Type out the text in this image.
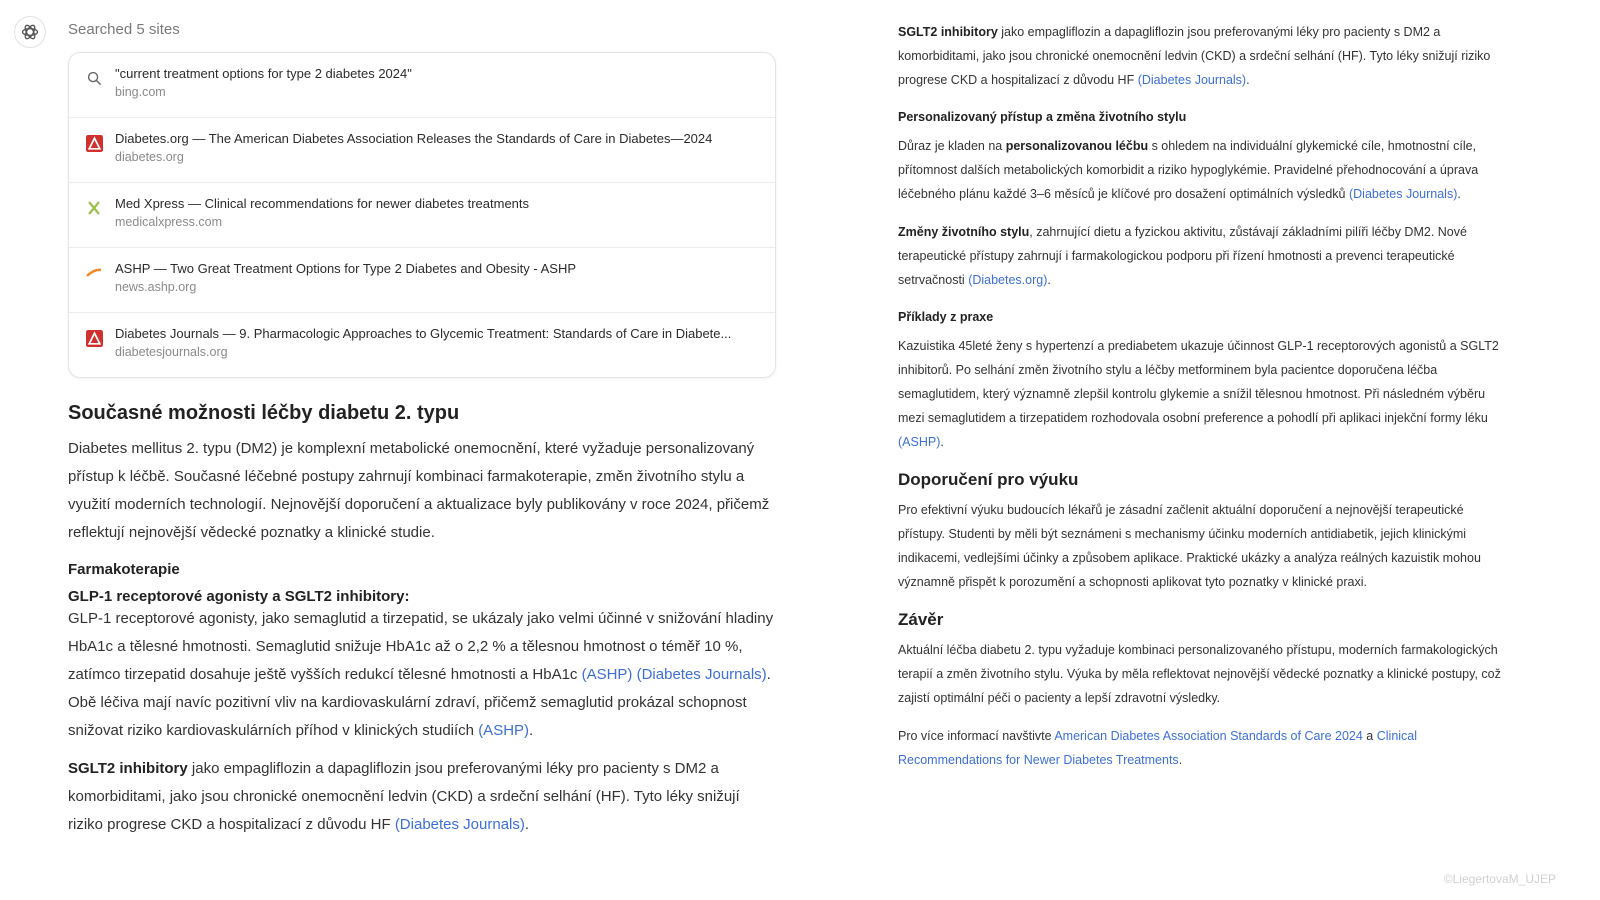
Searched 5 sites
"current treatment options for type 2 diabetes 2024"
bing.com
Diabetes.org — The American Diabetes Association Releases the Standards of Care in Diabetes—2024
diabetes.org
Med Xpress — Clinical recommendations for newer diabetes treatments
medicalxpress.com
ASHP — Two Great Treatment Options for Type 2 Diabetes and Obesity - ASHP
news.ashp.org
Diabetes Journals — 9. Pharmacologic Approaches to Glycemic Treatment: Standards of Care in Diabete...
diabetesjournals.org
Současné možnosti léčby diabetu 2. typu

Diabetes mellitus 2. typu (DM2) je komplexní metabolické onemocnění, které vyžaduje personalizovaný přístup k léčbě. Současné léčebné postupy zahrnují kombinaci farmakoterapie, změn životního stylu a využití moderních technologií. Nejnovější doporučení a aktualizace byly publikovány v roce 2024, přičemž reflektují nejnovější vědecké poznatky a klinické studie.

Farmakoterapie
GLP-1 receptorové agonisty a SGLT2 inhibitory:

GLP-1 receptorové agonisty, jako semaglutid a tirzepatid, se ukázaly jako velmi účinné v snižování hladiny HbA1c a tělesné hmotnosti. Semaglutid snižuje HbA1c až o 2,2 % a tělesnou hmotnost o téměř 10 %, zatímco tirzepatid dosahuje ještě vyšších redukcí tělesné hmotnosti a HbA1c (ASHP) (Diabetes Journals). Obě léčiva mají navíc pozitivní vliv na kardiovaskulární zdraví, přičemž semaglutid prokázal schopnost snižovat riziko kardiovaskulárních příhod v klinických studiích (ASHP).

SGLT2 inhibitory jako empagliflozin a dapagliflozin jsou preferovanými léky pro pacienty s DM2 a komorbiditami, jako jsou chronické onemocnění ledvin (CKD) a srdeční selhání (HF). Tyto léky snižují riziko progrese CKD a hospitalizací z důvodu HF (Diabetes Journals).

SGLT2 inhibitory jako empagliflozin a dapagliflozin jsou preferovanými léky pro pacienty s DM2 a komorbiditami, jako jsou chronické onemocnění ledvin (CKD) a srdeční selhání (HF). Tyto léky snižují riziko progrese CKD a hospitalizací z důvodu HF (Diabetes Journals).

Personalizovaný přístup a změna životního stylu

Důraz je kladen na personalizovanou léčbu s ohledem na individuální glykemické cíle, hmotnostní cíle, přítomnost dalších metabolických komorbidit a riziko hypoglykémie. Pravidelné přehodnocování a úprava léčebného plánu každé 3–6 měsíců je klíčové pro dosažení optimálních výsledků (Diabetes Journals).

Změny životního stylu, zahrnující dietu a fyzickou aktivitu, zůstávají základními pilíři léčby DM2. Nové terapeutické přístupy zahrnují i farmakologickou podporu při řízení hmotnosti a prevenci terapeutické setrvačnosti (Diabetes.org).

Příklady z praxe

Kazuistika 45leté ženy s hypertenzí a prediabetem ukazuje účinnost GLP-1 receptorových agonistů a SGLT2 inhibitorů. Po selhání změn životního stylu a léčby metforminem byla pacientce doporučena léčba semaglutidem, který významně zlepšil kontrolu glykemie a snížil tělesnou hmotnost. Při následném výběru mezi semaglutidem a tirzepatidem rozhodovala osobní preference a pohodlí při aplikaci injekční formy léku (ASHP).

Doporučení pro výuku

Pro efektivní výuku budoucích lékařů je zásadní začlenit aktuální doporučení a nejnovější terapeutické přístupy. Studenti by měli být seznámeni s mechanismy účinku moderních antidiabetik, jejich klinickými indikacemi, vedlejšími účinky a způsobem aplikace. Praktické ukázky a analýza reálných kazuistik mohou významně přispět k porozumění a schopnosti aplikovat tyto poznatky v klinické praxi.

Závěr

Aktuální léčba diabetu 2. typu vyžaduje kombinaci personalizovaného přístupu, moderních farmakologických terapií a změn životního stylu. Výuka by měla reflektovat nejnovější vědecké poznatky a klinické postupy, což zajistí optimální péči o pacienty a lepší zdravotní výsledky.

Pro více informací navštivte American Diabetes Association Standards of Care 2024 a Clinical Recommendations for Newer Diabetes Treatments.

©LiegertovaM_UJEP
